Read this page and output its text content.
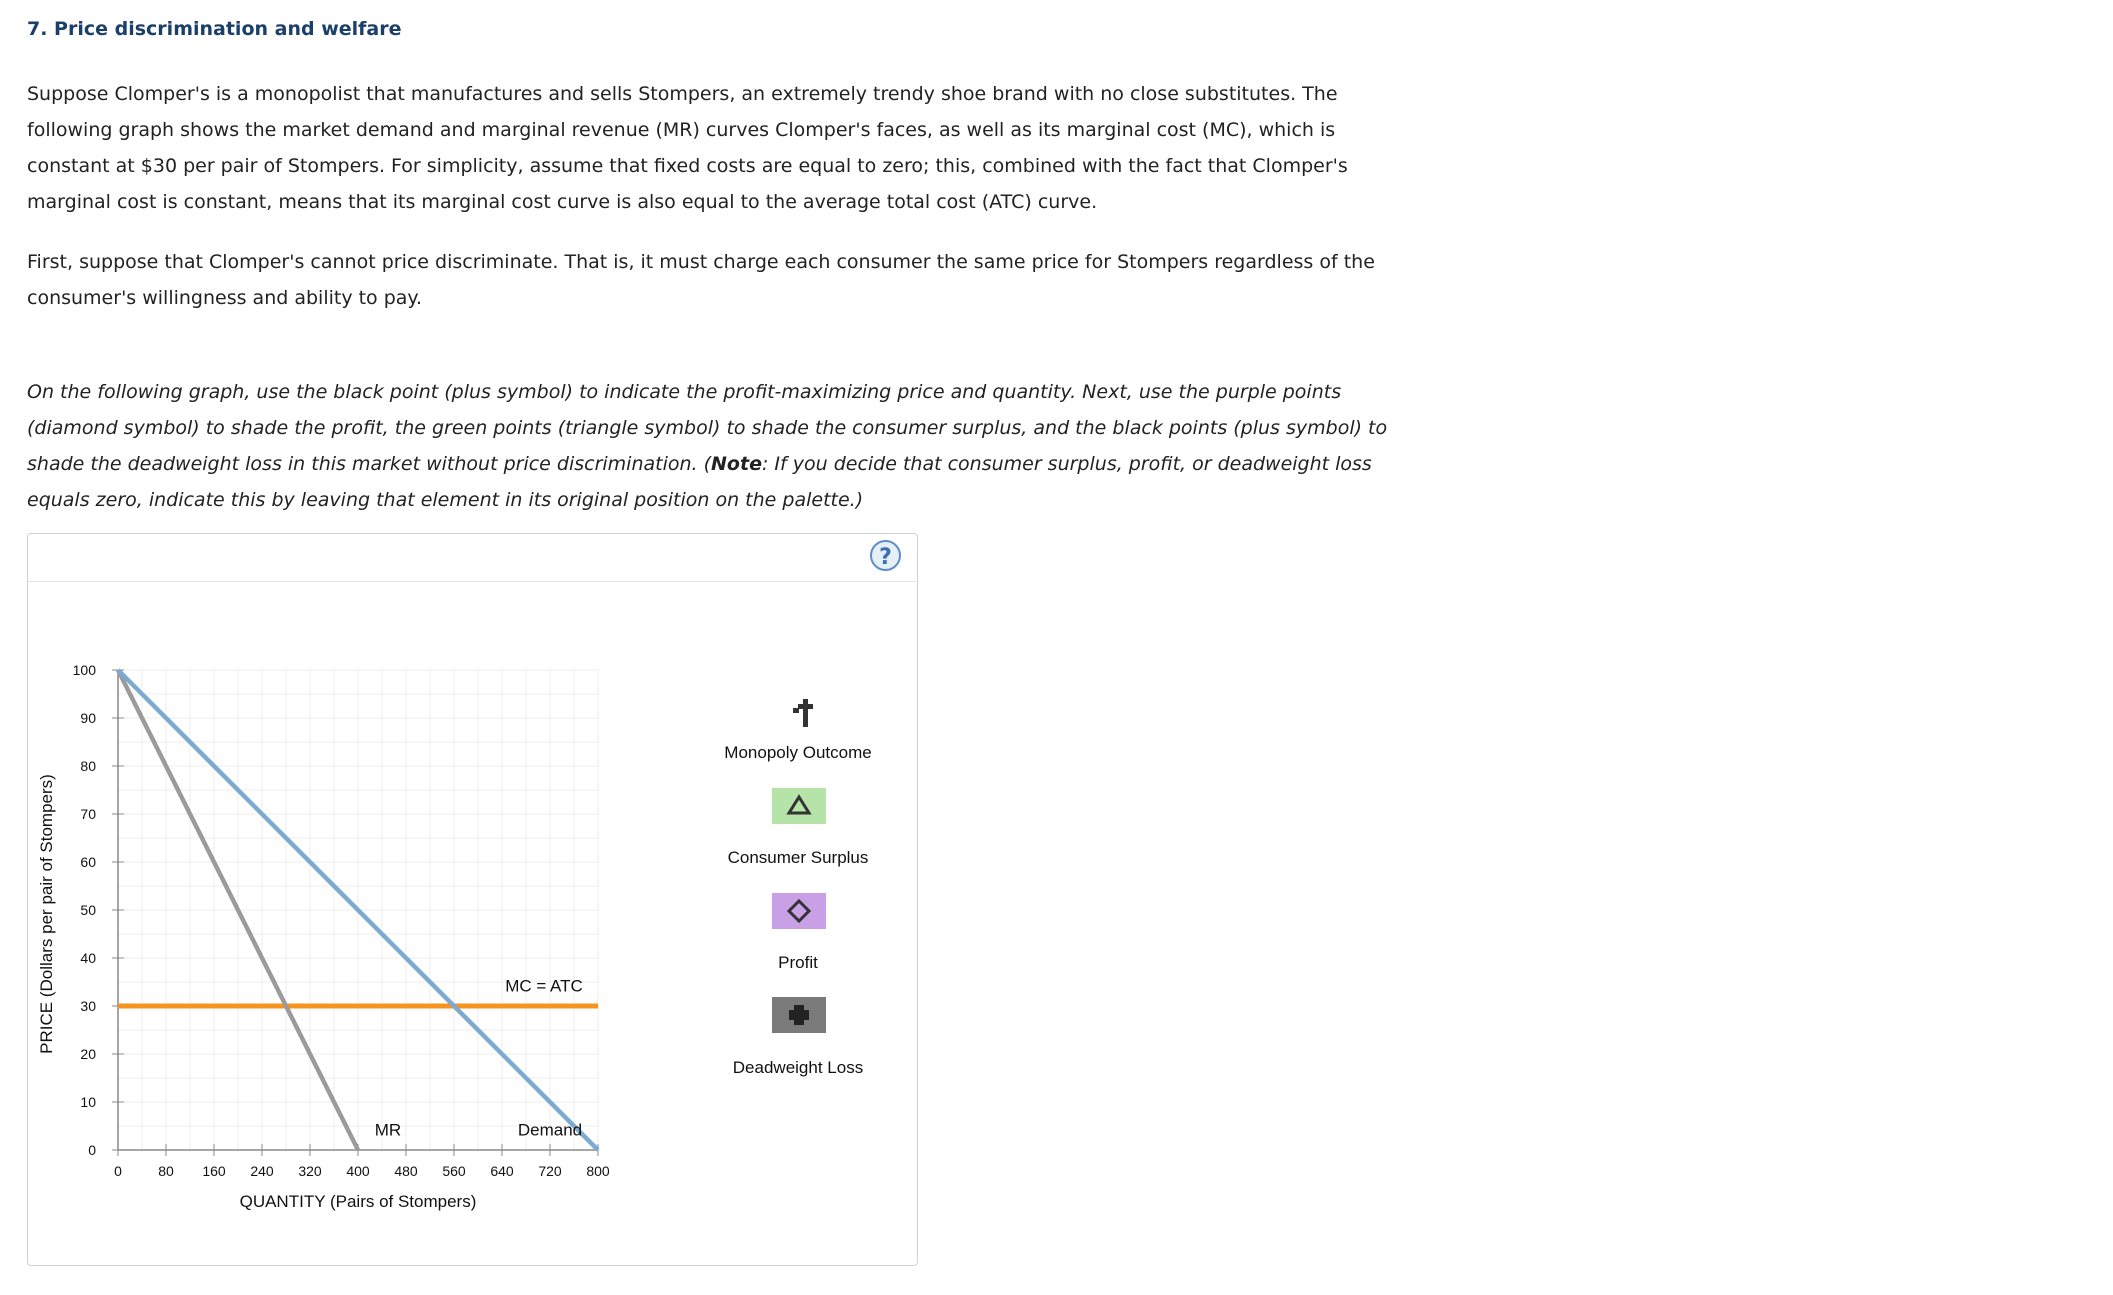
7. Price discrimination and welfare

Suppose Clomper's is a monopolist that manufactures and sells Stompers, an extremely trendy shoe brand with no close substitutes. The following graph shows the market demand and marginal revenue (MR) curves Clomper's faces, as well as its marginal cost (MC), which is constant at $30 per pair of Stompers. For simplicity, assume that fixed costs are equal to zero; this, combined with the fact that Clomper's marginal cost is constant, means that its marginal cost curve is also equal to the average total cost (ATC) curve.

First, suppose that Clomper's cannot price discriminate. That is, it must charge each consumer the same price for Stompers regardless of the consumer's willingness and ability to pay.

On the following graph, use the black point (plus symbol) to indicate the profit-maximizing price and quantity. Next, use the purple points (diamond symbol) to shade the profit, the green points (triangle symbol) to shade the consumer surplus, and the black points (plus symbol) to shade the deadweight loss in this market without price discrimination. (Note: If you decide that consumer surplus, profit, or deadweight loss equals zero, indicate this by leaving that element in its original position on the palette.)

?
0	80 160 240 320 400 480 560 640 720 800
0
10
20
30
40
50
60
70
80
90
100
MC = ATC
MR	Demand
QUANTITY (Pairs of Stompers)
PRICE (Dollars per pair of Stompers)
Monopoly Outcome
Consumer Surplus
Profit
Deadweight Loss
